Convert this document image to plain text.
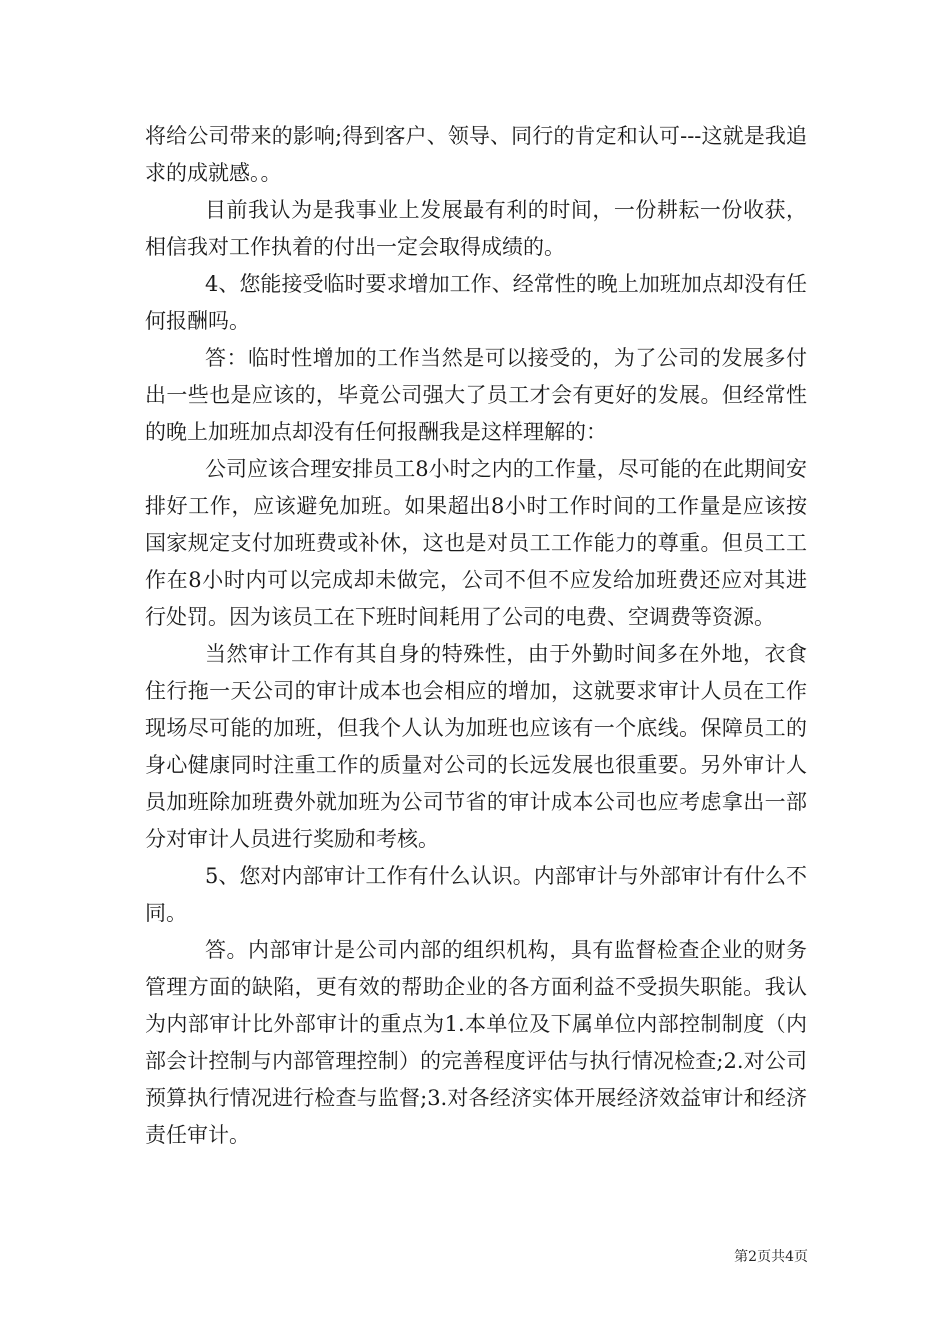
将给公司带来的影响;得到客户、领导、同行的肯定和认可---这就是我追求的成就感。。

目前我认为是我事业上发展最有利的时间，一份耕耘一份收获，相信我对工作执着的付出一定会取得成绩的。

4、您能接受临时要求增加工作、经常性的晚上加班加点却没有任何报酬吗。

答：临时性增加的工作当然是可以接受的，为了公司的发展多付出一些也是应该的，毕竟公司强大了员工才会有更好的发展。但经常性的晚上加班加点却没有任何报酬我是这样理解的：

公司应该合理安排员工8小时之内的工作量，尽可能的在此期间安排好工作，应该避免加班。如果超出8小时工作时间的工作量是应该按国家规定支付加班费或补休，这也是对员工工作能力的尊重。但员工工作在8小时内可以完成却未做完，公司不但不应发给加班费还应对其进行处罚。因为该员工在下班时间耗用了公司的电费、空调费等资源。

当然审计工作有其自身的特殊性，由于外勤时间多在外地，衣食住行拖一天公司的审计成本也会相应的增加，这就要求审计人员在工作现场尽可能的加班，但我个人认为加班也应该有一个底线。保障员工的身心健康同时注重工作的质量对公司的长远发展也很重要。另外审计人员加班除加班费外就加班为公司节省的审计成本公司也应考虑拿出一部分对审计人员进行奖励和考核。

5、您对内部审计工作有什么认识。内部审计与外部审计有什么不同。

答。内部审计是公司内部的组织机构，具有监督检查企业的财务管理方面的缺陷，更有效的帮助企业的各方面利益不受损失职能。我认为内部审计比外部审计的重点为1.本单位及下属单位内部控制制度（内部会计控制与内部管理控制）的完善程度评估与执行情况检查;2.对公司预算执行情况进行检查与监督;3.对各经济实体开展经济效益审计和经济责任审计。

第2页共4页
